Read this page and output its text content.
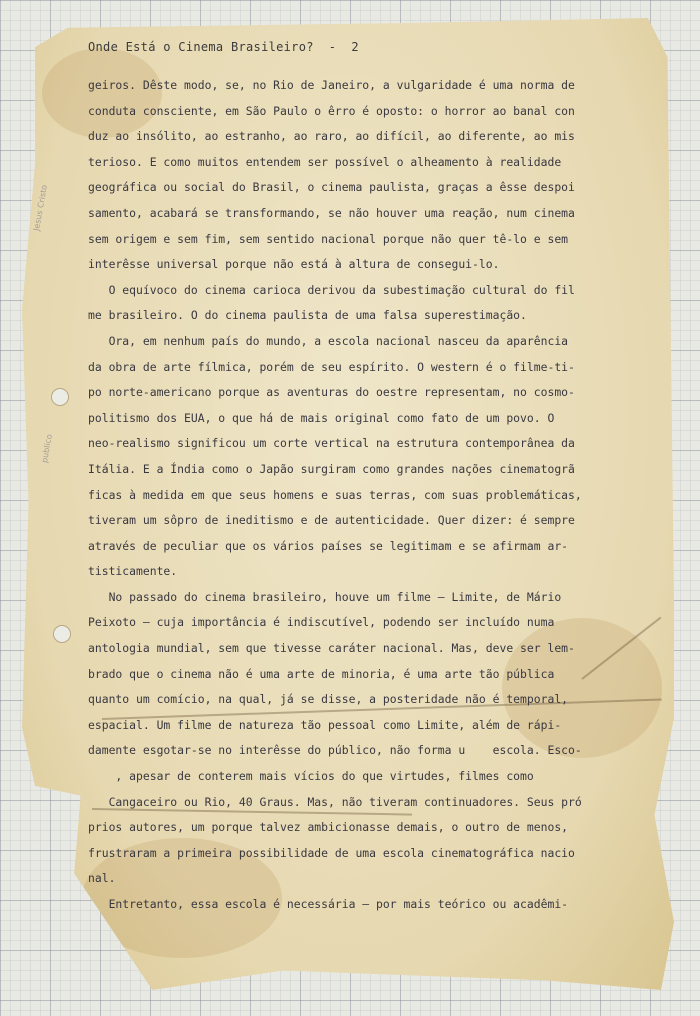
Jesus Cristo
publico
Onde Está o Cinema Brasileiro?  -  2
geiros. Dêste modo, se, no Rio de Janeiro, a vulgaridade é uma norma de
conduta consciente, em São Paulo o êrro é oposto: o horror ao banal con
duz ao insólito, ao estranho, ao raro, ao difícil, ao diferente, ao mis
terioso. E como muitos entendem ser possível o alheamento à realidade
geográfica ou social do Brasil, o cinema paulista, graças a êsse despoi
samento, acabará se transformando, se não houver uma reação, num cinema
sem origem e sem fim, sem sentido nacional porque não quer tê-lo e sem
interêsse universal porque não está à altura de consegui-lo.
O equívoco do cinema carioca derivou da subestimação cultural do fil
me brasileiro. O do cinema paulista de uma falsa superestimação.
Ora, em nenhum país do mundo, a escola nacional nasceu da aparência
da obra de arte fílmica, porém de seu espírito. O western é o filme-ti-
po norte-americano porque as aventuras do oestre representam, no cosmo-
politismo dos EUA, o que há de mais original como fato de um povo. O
neo-realismo significou um corte vertical na estrutura contemporânea da
Itália. E a Índia como o Japão surgiram como grandes nações cinematogrã
ficas à medida em que seus homens e suas terras, com suas problemáticas,
tiveram um sôpro de ineditismo e de autenticidade. Quer dizer: é sempre
através de peculiar que os vários países se legitimam e se afirmam ar-
tisticamente.
No passado do cinema brasileiro, houve um filme — Limite, de Mário
Peixoto — cuja importância é indiscutível, podendo ser incluído numa
antologia mundial, sem que tivesse caráter nacional. Mas, deve ser lem-
brado que o cinema não é uma arte de minoria, é uma arte tão pública
quanto um comício, na qual, já se disse, a posteridade não é temporal,
espacial. Um filme de natureza tão pessoal como Limite, além de rápi-
damente esgotar-se no interêsse do público, não forma u    escola. Esco-
, apesar de conterem mais vícios do que virtudes, filmes como
Cangaceiro ou Rio, 40 Graus. Mas, não tiveram continuadores. Seus pró
prios autores, um porque talvez ambicionasse demais, o outro de menos,
frustraram a primeira possibilidade de uma escola cinematográfica nacio
nal.
Entretanto, essa escola é necessária — por mais teórico ou acadêmi-
